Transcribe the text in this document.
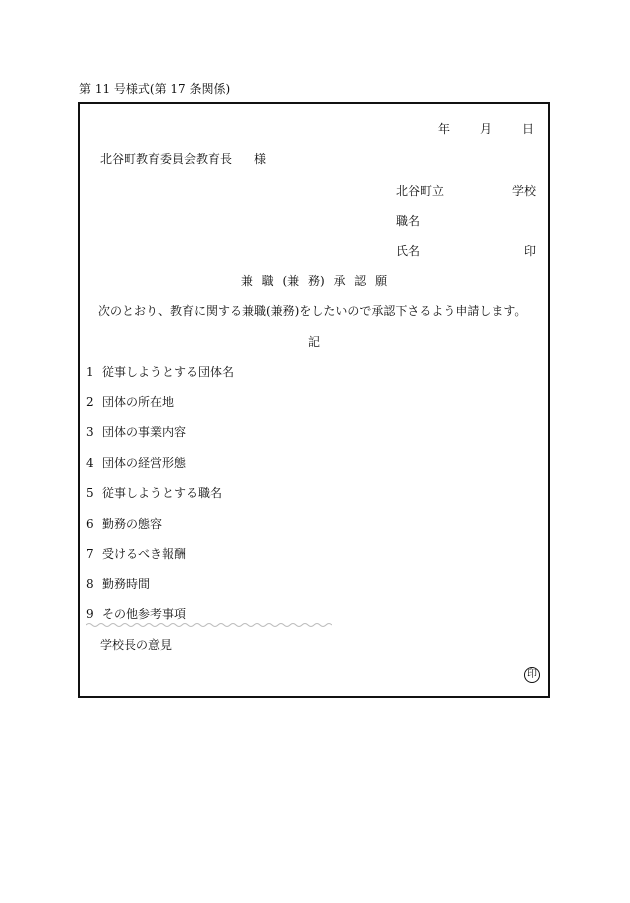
第 11 号様式(第 17 条関係)
年	月	日
北谷町教育委員会教育長 様
北谷町立	学校
職名
氏名	印
兼 職 (兼 務) 承 認 願
次のとおり、教育に関する兼職(兼務)をしたいので承認下さるよう申請します。
記
1 従事しようとする団体名
2 団体の所在地
3 団体の事業内容
4 団体の経営形態
5 従事しようとする職名
6 勤務の態容
7 受けるべき報酬
8 勤務時間
9 その他参考事項
学校長の意見
印
